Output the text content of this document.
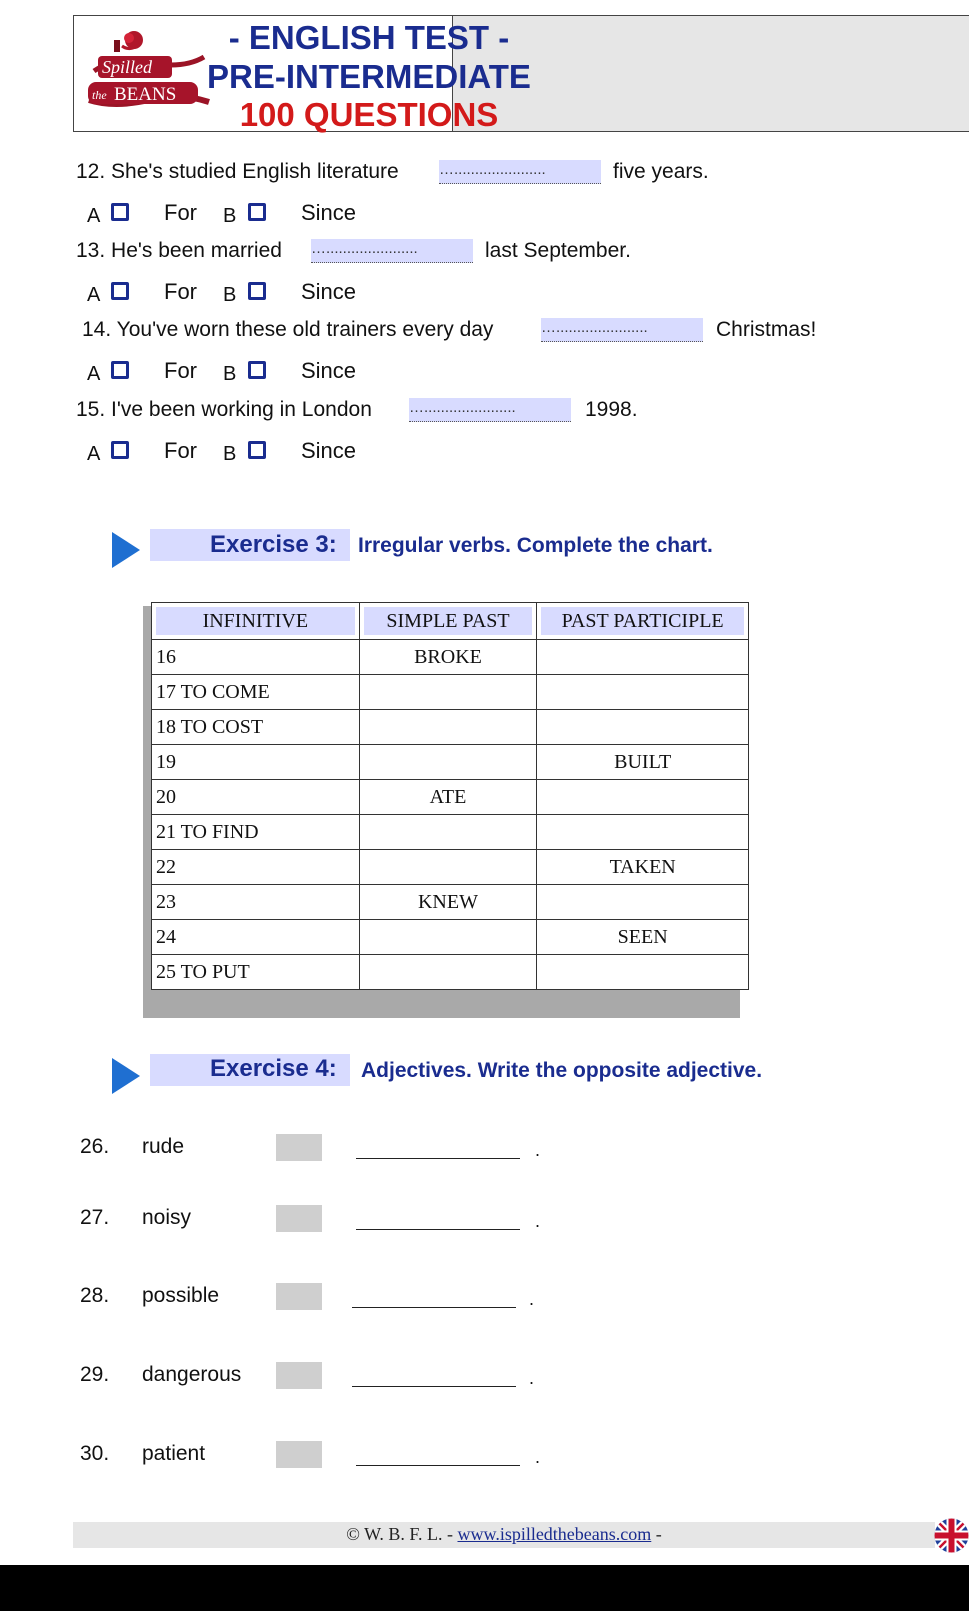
- ENGLISH TEST -
PRE-INTERMEDIATE
100 QUESTIONS
Spilled
the BEANS
12. She's studied English literature	…......................	five years.
A	For B	Since
13. He's been married …......................	last September.
A	For B	Since
14. You've worn these old trainers every day	…......................	Christmas!
A	For B	Since
15. I've been working in London …......................	1998.
A	For B	Since
Exercise 3: Irregular verbs. Complete the chart.
INFINITIVE	SIMPLE PAST	PAST PARTICIPLE

16	BROKE	
17 TO COME		
18 TO COST		
19		BUILT
20	ATE	
21 TO FIND		
22		TAKEN
23	KNEW	
24		SEEN
25 TO PUT		
Exercise 4: Adjectives. Write the opposite adjective.
26. rude	.
27. noisy	.
28. possible	.
29. dangerous	.
30. patient	.
© W. B. F. L. - www.ispilledthebeans.com -
